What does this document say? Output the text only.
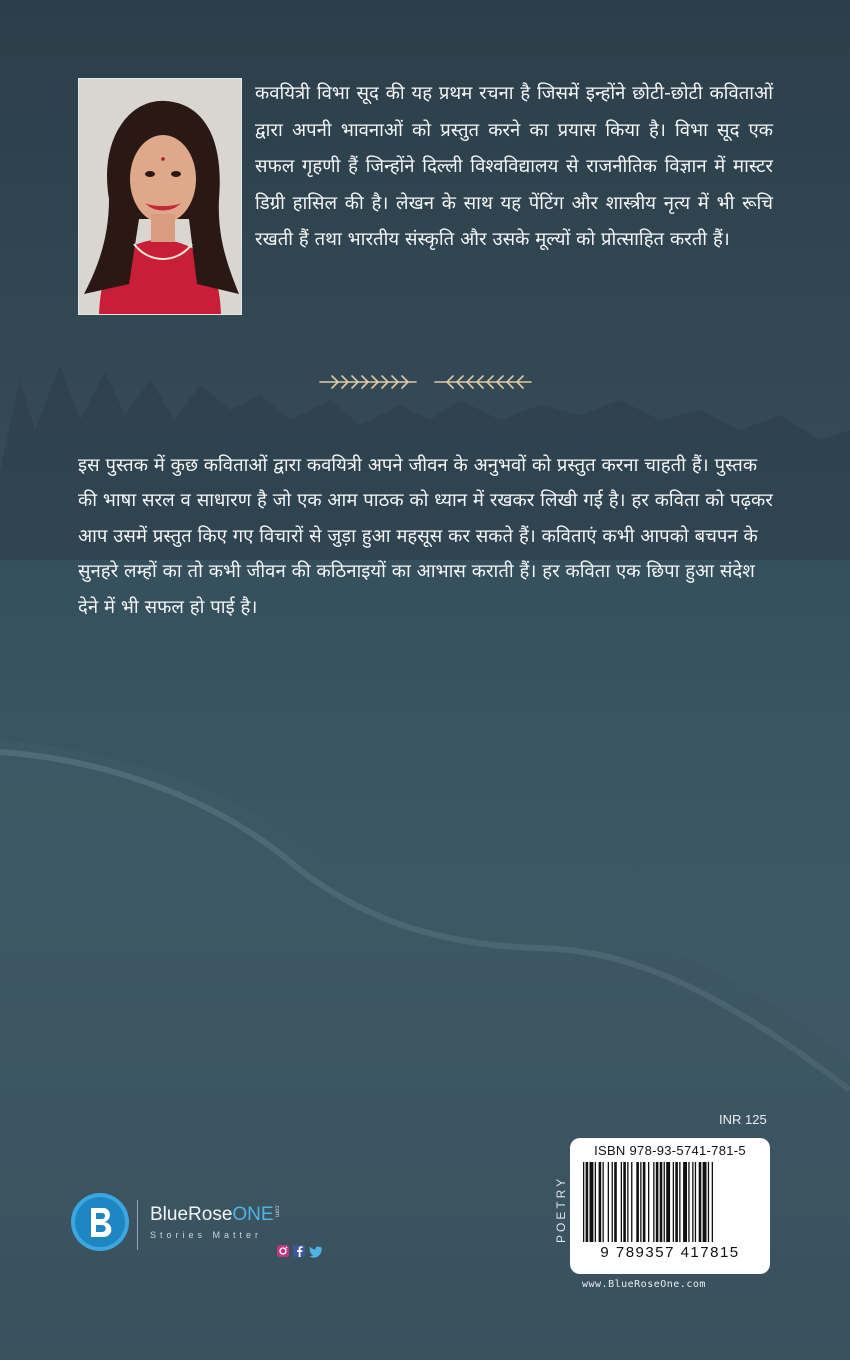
कवयित्री विभा सूद की यह प्रथम रचना है जिसमें इन्होंने छोटी-छोटी कविताओं द्वारा अपनी भावनाओं को प्रस्तुत करने का प्रयास किया है। विभा सूद एक सफल गृहणी हैं जिन्होंने दिल्ली विश्वविद्यालय से राजनीतिक विज्ञान में मास्टर डिग्री हासिल की है। लेखन के साथ यह पेंटिंग और शास्त्रीय नृत्य में भी रूचि रखती हैं तथा भारतीय संस्कृति और उसके मूल्यों को प्रोत्साहित करती हैं।
इस पुस्तक में कुछ कविताओं द्वारा कवयित्री अपने जीवन के अनुभवों को प्रस्तुत करना चाहती हैं। पुस्तक की भाषा सरल व साधारण है जो एक आम पाठक को ध्यान में रखकर लिखी गई है। हर कविता को पढ़कर आप उसमें प्रस्तुत किए गए विचारों से जुड़ा हुआ महसूस कर सकते हैं। कविताएं कभी आपको बचपन के सुनहरे लम्हों का तो कभी जीवन की कठिनाइयों का आभास कराती हैं। हर कविता एक छिपा हुआ संदेश देने में भी सफल हो पाई है।
INR 125
ISBN 978-93-5741-781-5
9 789357 417815
www.BlueRoseOne.com
BlueRoseONE.com
Stories Matter
